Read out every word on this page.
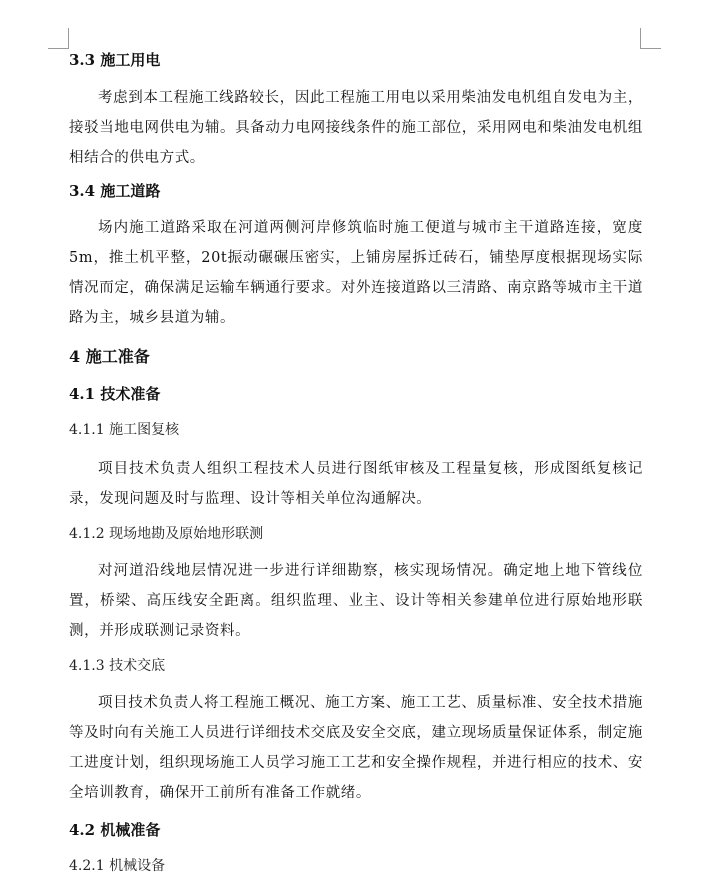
3.3 施工用电
考虑到本工程施工线路较长，因此工程施工用电以采用柴油发电机组自发电为主，接驳当地电网供电为辅。具备动力电网接线条件的施工部位，采用网电和柴油发电机组相结合的供电方式。
3.4 施工道路
场内施工道路采取在河道两侧河岸修筑临时施工便道与城市主干道路连接，宽度5m，推土机平整，20t振动碾碾压密实，上铺房屋拆迁砖石，铺垫厚度根据现场实际情况而定，确保满足运输车辆通行要求。对外连接道路以三清路、南京路等城市主干道路为主，城乡县道为辅。
4 施工准备
4.1 技术准备
4.1.1 施工图复核
项目技术负责人组织工程技术人员进行图纸审核及工程量复核，形成图纸复核记录，发现问题及时与监理、设计等相关单位沟通解决。
4.1.2 现场地勘及原始地形联测
对河道沿线地层情况进一步进行详细勘察，核实现场情况。确定地上地下管线位置，桥梁、高压线安全距离。组织监理、业主、设计等相关参建单位进行原始地形联测，并形成联测记录资料。
4.1.3 技术交底
项目技术负责人将工程施工概况、施工方案、施工工艺、质量标准、安全技术措施等及时向有关施工人员进行详细技术交底及安全交底，建立现场质量保证体系，制定施工进度计划，组织现场施工人员学习施工工艺和安全操作规程，并进行相应的技术、安全培训教育，确保开工前所有准备工作就绪。
4.2 机械准备
4.2.1 机械设备
